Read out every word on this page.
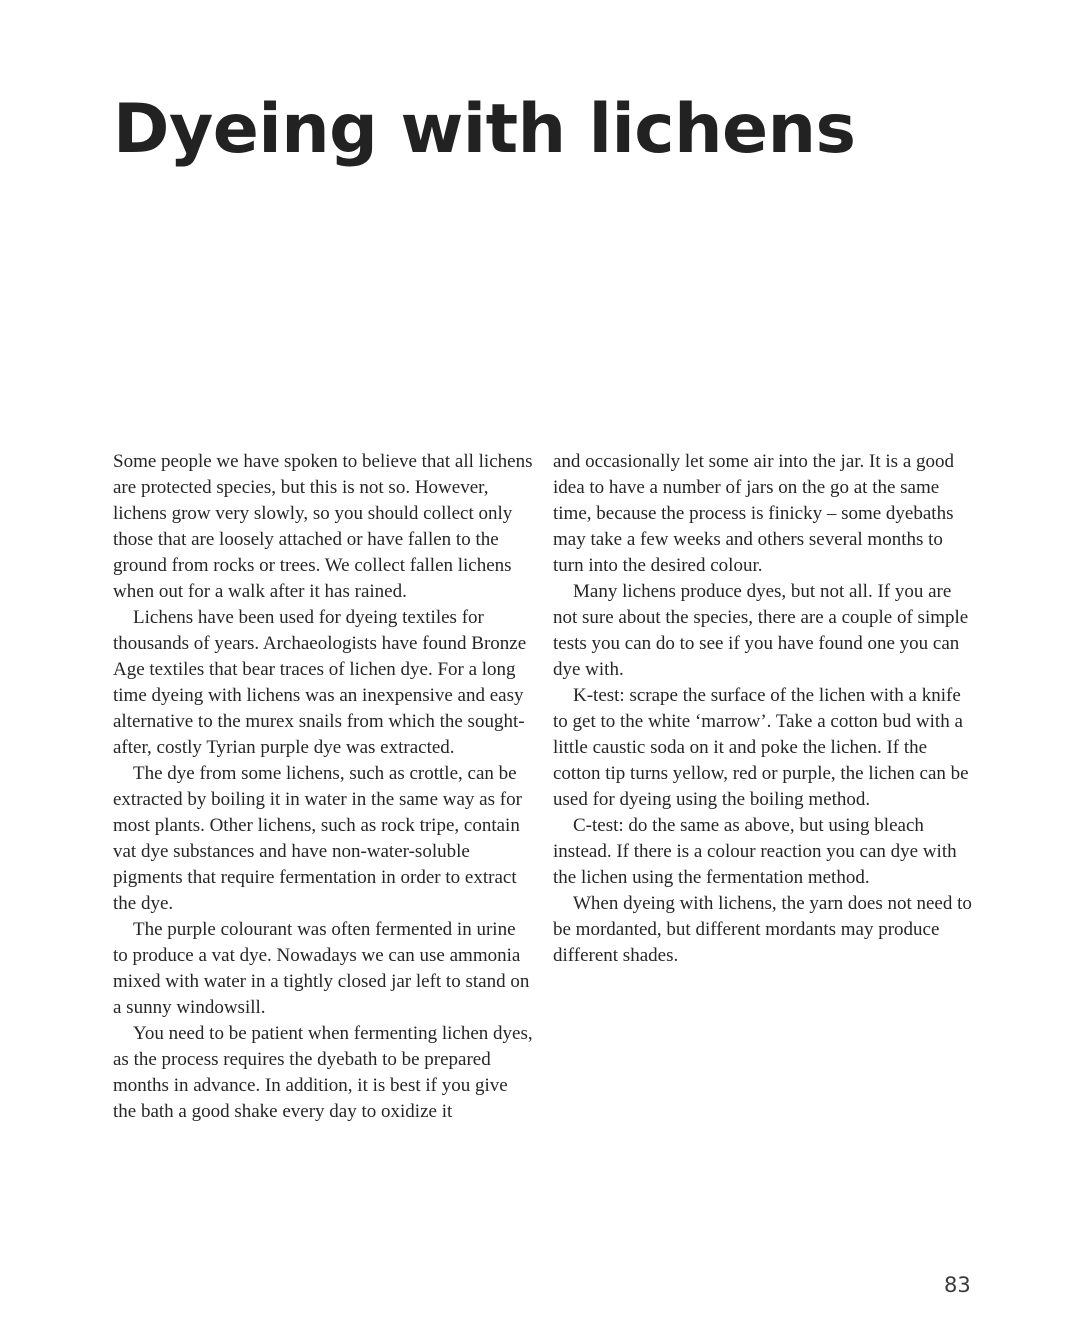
Dyeing with lichens

Some people we have spoken to believe that all lichens are protected species, but this is not so. However, lichens grow very slowly, so you should collect only those that are loosely attached or have fallen to the ground from rocks or trees. We collect fallen lichens when out for a walk after it has rained.

Lichens have been used for dyeing textiles for thousands of years. Archaeologists have found Bronze Age textiles that bear traces of lichen dye. For a long time dyeing with lichens was an inexpensive and easy alternative to the murex snails from which the sought-after, costly Tyrian purple dye was extracted.

The dye from some lichens, such as crottle, can be extracted by boiling it in water in the same way as for most plants. Other lichens, such as rock tripe, contain vat dye substances and have non-water-soluble pigments that require fermentation in order to extract the dye.

The purple colourant was often fermented in urine to produce a vat dye. Nowadays we can use ammonia mixed with water in a tightly closed jar left to stand on a sunny windowsill.

You need to be patient when fermenting lichen dyes, as the process requires the dyebath to be prepared months in advance. In addition, it is best if you give the bath a good shake every day to oxidize it

and occasionally let some air into the jar. It is a good idea to have a number of jars on the go at the same time, because the process is finicky – some dyebaths may take a few weeks and others several months to turn into the desired colour.

Many lichens produce dyes, but not all. If you are not sure about the species, there are a couple of simple tests you can do to see if you have found one you can dye with.

K-test: scrape the surface of the lichen with a knife to get to the white ‘marrow’. Take a cotton bud with a little caustic soda on it and poke the lichen. If the cotton tip turns yellow, red or purple, the lichen can be used for dyeing using the boiling method.

C-test: do the same as above, but using bleach instead. If there is a colour reaction you can dye with the lichen using the fermentation method.

When dyeing with lichens, the yarn does not need to be mordanted, but different mordants may produce different shades.

83
